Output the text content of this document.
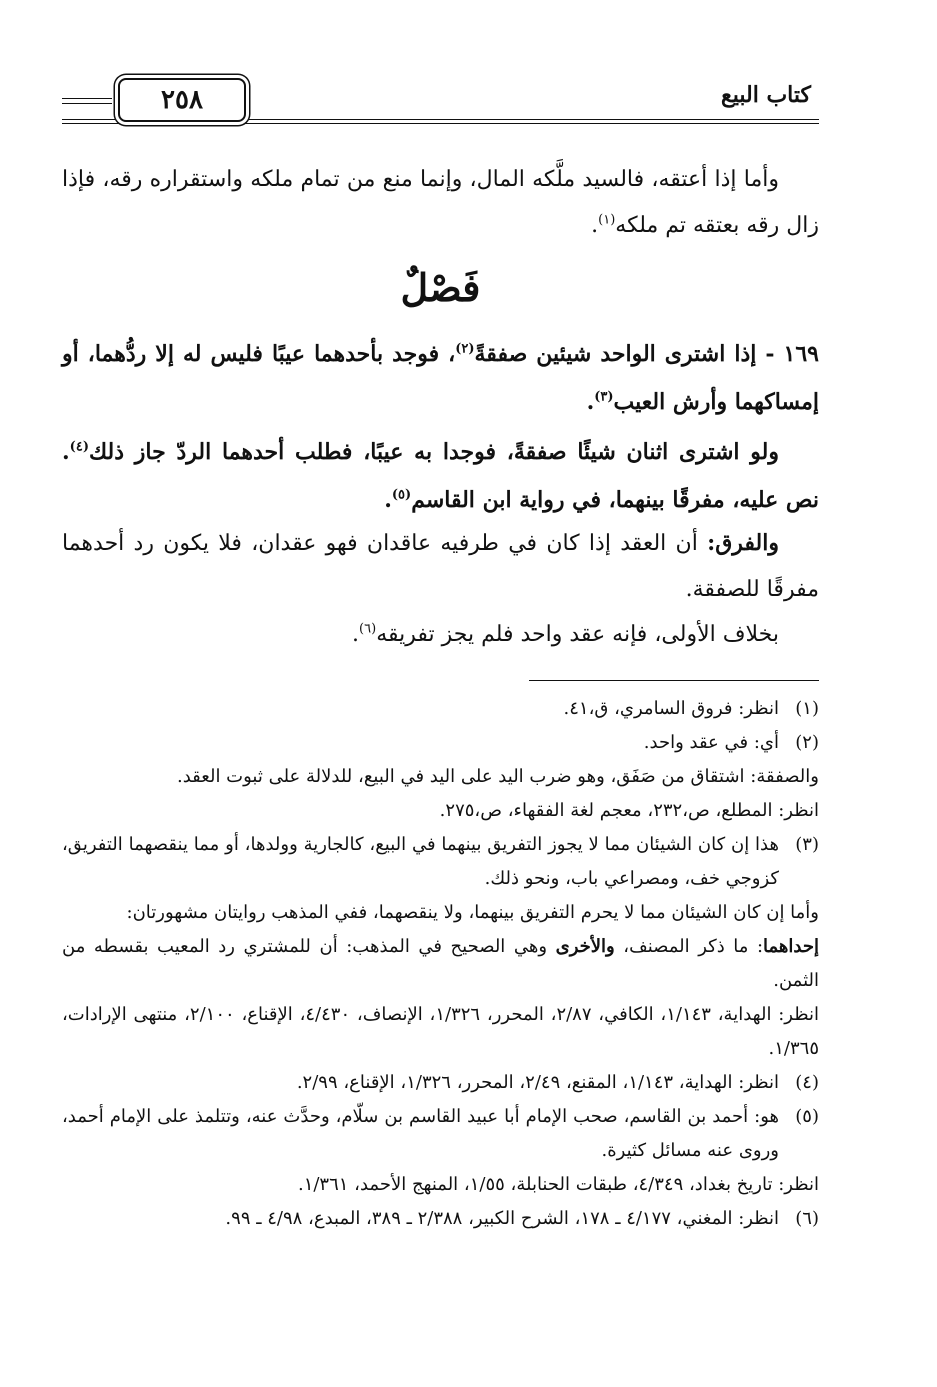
كتاب البيع
٢٥٨
وأما إذا أعتقه، فالسيد ملَّكه المال، وإنما منع من تمام ملكه واستقراره رقه، فإذا زال رقه بعتقه تم ملكه$^{(١)}$.
فَصْلٌ
١٦٩ - إذا اشترى الواحد شيئين صفقةً$^{(٢)}$، فوجد بأحدهما عيبًا فليس له إلا ردُّهما، أو إمساكهما وأرش العيب$^{(٣)}$.
ولو اشترى اثنان شيئًا صفقةً، فوجدا به عيبًا، فطلب أحدهما الردّ جاز ذلك$^{(٤)}$. نص عليه، مفرقًا بينهما، في رواية ابن القاسم$^{(٥)}$.
والفرق: أن العقد إذا كان في طرفيه عاقدان فهو عقدان، فلا يكون رد أحدهما مفرقًا للصفقة.
بخلاف الأولى، فإنه عقد واحد فلم يجز تفريقه$^{(٦)}$.
(١)
انظر: فروق السامري، ق،٤١.
(٢)
أي: في عقد واحد.
والصفقة: اشتقاق من صَفَق، وهو ضرب اليد على اليد في البيع، للدلالة على ثبوت العقد.
انظر: المطلع، ص،٢٣٢، معجم لغة الفقهاء، ص،٢٧٥.
(٣)
هذا إن كان الشيئان مما لا يجوز التفريق بينهما في البيع، كالجارية وولدها، أو مما ينقصهما التفريق، كزوجي خف، ومصراعي باب، ونحو ذلك.
وأما إن كان الشيئان مما لا يحرم التفريق بينهما، ولا ينقصهما، ففي المذهب روايتان مشهورتان:
إحداهما: ما ذكر المصنف، والأخرى وهي الصحيح في المذهب: أن للمشتري رد المعيب بقسطه من الثمن.
انظر: الهداية، ١/١٤٣، الكافي، ٢/٨٧، المحرر، ١/٣٢٦، الإنصاف، ٤/٤٣٠، الإقناع، ٢/١٠٠، منتهى الإرادات، ١/٣٦٥.
(٤)
انظر: الهداية، ١/١٤٣، المقنع، ٢/٤٩، المحرر، ١/٣٢٦، الإقناع، ٢/٩٩.
(٥)
هو: أحمد بن القاسم، صحب الإمام أبا عبيد القاسم بن سلّام، وحدَّث عنه، وتتلمذ على الإمام أحمد، وروى عنه مسائل كثيرة.
انظر: تاريخ بغداد، ٤/٣٤٩، طبقات الحنابلة، ١/٥٥، المنهج الأحمد، ١/٣٦١.
(٦)
انظر: المغني، ٤/١٧٧ ـ ١٧٨، الشرح الكبير، ٢/٣٨٨ ـ ٣٨٩، المبدع، ٤/٩٨ ـ ٩٩.
